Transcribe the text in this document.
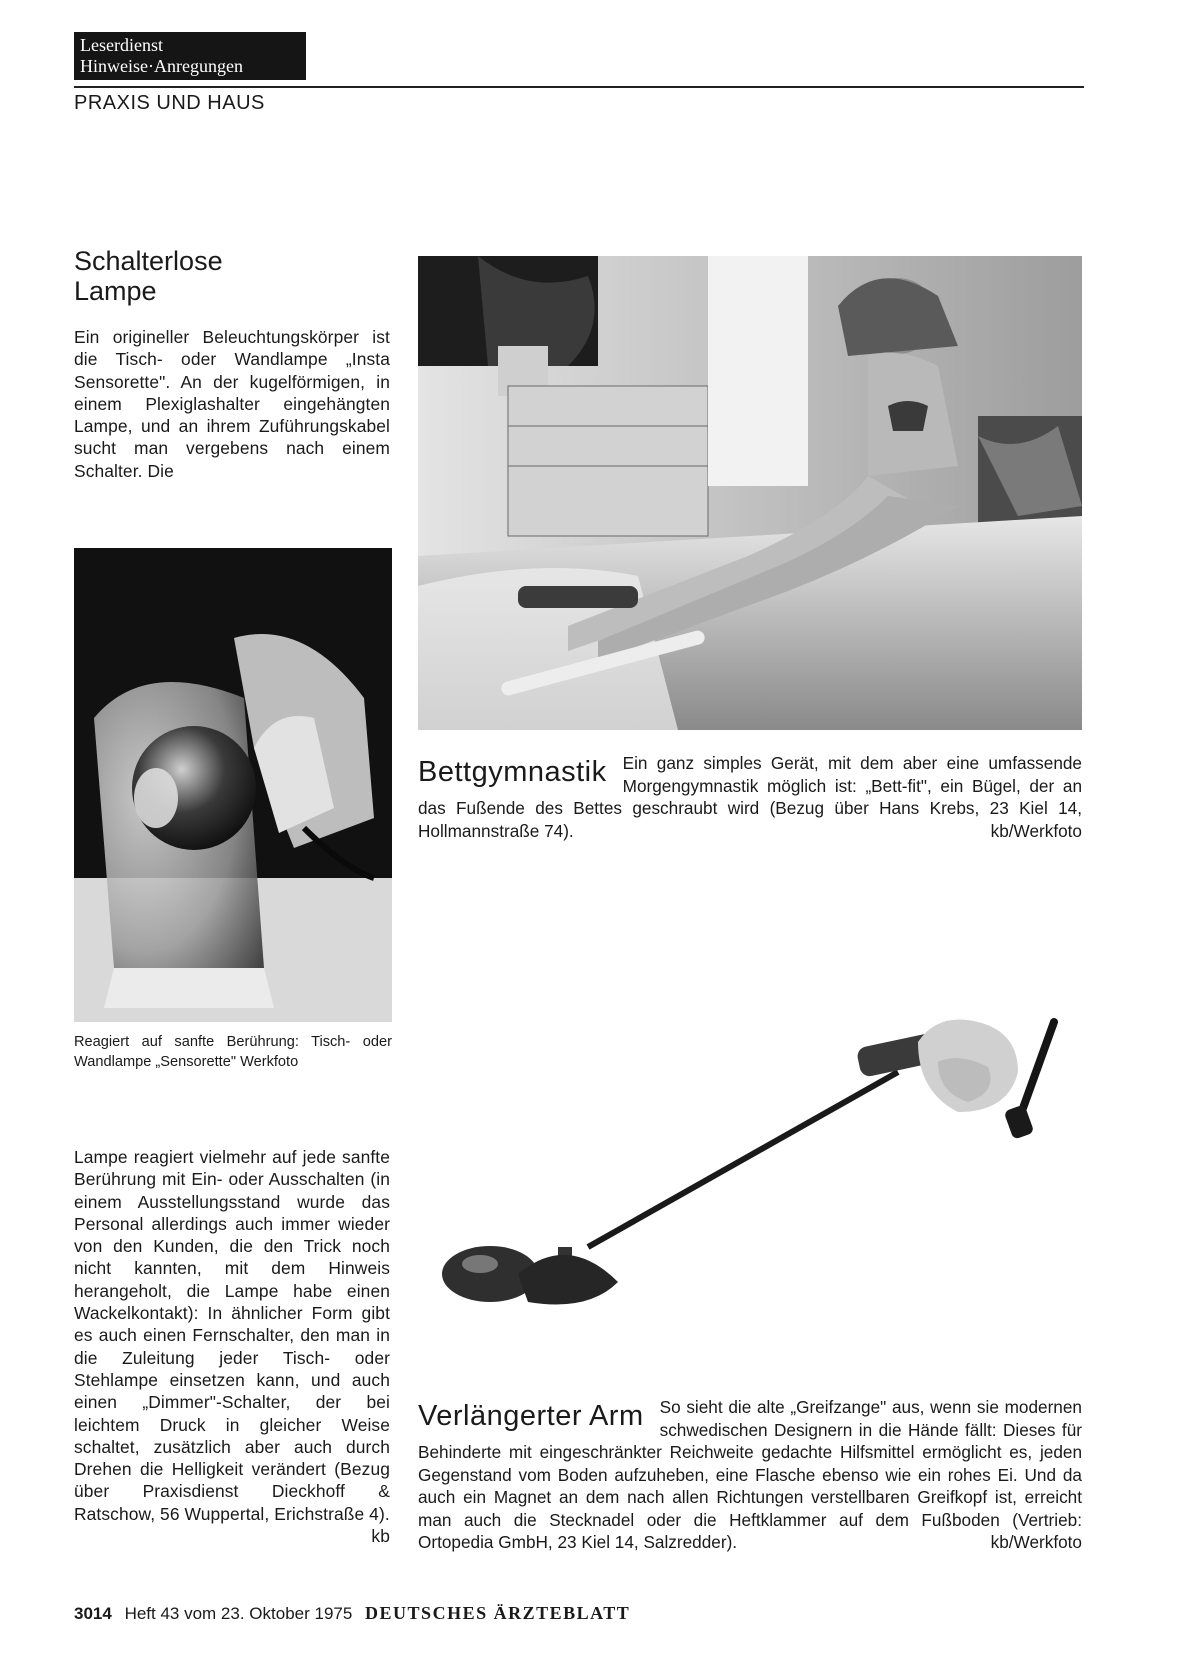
Leserdienst
Hinweise·Anregungen
PRAXIS UND HAUS
Schalterlose
Lampe

Ein origineller Beleuchtungskörper ist die Tisch- oder Wandlampe „Insta Sensorette". An der kugelförmigen, in einem Plexiglashalter eingehängten Lampe, und an ihrem Zuführungskabel sucht man vergebens nach einem Schalter. Die

Reagiert auf sanfte Berührung: Tisch- oder Wandlampe „Sensorette" Werkfoto

Lampe reagiert vielmehr auf jede sanfte Berührung mit Ein- oder Ausschalten (in einem Ausstellungsstand wurde das Personal allerdings auch immer wieder von den Kunden, die den Trick noch nicht kannten, mit dem Hinweis herangeholt, die Lampe habe einen Wackelkontakt): In ähnlicher Form gibt es auch einen Fernschalter, den man in die Zuleitung jeder Tisch- oder Stehlampe einsetzen kann, und auch einen „Dimmer"-Schalter, der bei leichtem Druck in gleicher Weise schaltet, zusätzlich aber auch durch Drehen die Helligkeit verändert (Bezug über Praxisdienst Dieckhoff & Ratschow, 56 Wuppertal, Erichstraße 4).
kb

Bettgymnastik Ein ganz simples Gerät, mit dem aber eine umfassende Morgengymnastik möglich ist: „Bett-fit", ein Bügel, der an das Fußende des Bettes geschraubt wird (Bezug über Hans Krebs, 23 Kiel 14, Hollmannstraße 74).	kb/Werkfoto
Verlängerter Arm So sieht die alte „Greifzange" aus, wenn sie modernen schwedischen Designern in die Hände fällt: Dieses für Behinderte mit eingeschränkter Reichweite gedachte Hilfsmittel ermöglicht es, jeden Gegenstand vom Boden aufzuheben, eine Flasche ebenso wie ein rohes Ei. Und da auch ein Magnet an dem nach allen Richtungen verstellbaren Greifkopf ist, erreicht man auch die Stecknadel oder die Heftklammer auf dem Fußboden (Vertrieb: Ortopedia GmbH, 23 Kiel 14, Salzredder).	kb/Werkfoto
3014 Heft 43 vom 23. Oktober 1975 DEUTSCHES ÄRZTEBLATT
